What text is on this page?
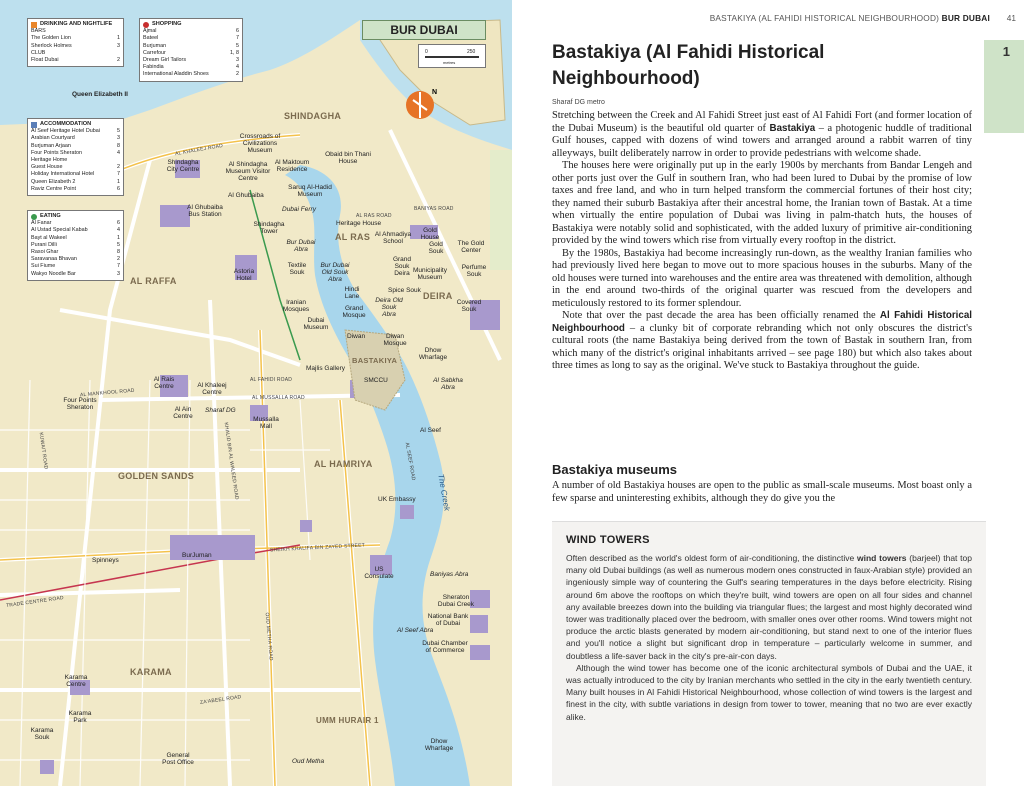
N
DRINKING AND NIGHTLIFE
BARS
The Golden Lion	1
Sherlock Holmes	3
CLUB
Float Dubai	2
SHOPPING
Ajmal	6
Bateel	7
Burjuman	5
Carrefour	1, 8
Dream Girl Tailors	3
Fabindia	4
International Aladdin Shoes	2
ACCOMMODATION
Al Seef Heritage Hotel Dubai	5
Arabian Courtyard	3
Burjuman Arjaan	8
Four Points Sheraton	4
Heritage Home
Guest House	2
Holiday International Hotel	7
Queen Elizabeth 2	1
Raviz Centre Point	6
EATING
Al Fanar	6
Al Ustad Special Kabab	4
Bayt al Wakeel	1
Purani Dilli	5
Rasoi Ghar	8
Saravanaa Bhavan	2
Sui Fiume	7
Wakyo Noodle Bar	3
BUR DUBAI
0	250
metres
SHINDAGHA
AL RAS
DEIRA
AL RAFFA
BASTAKIYA
AL HAMRIYA
GOLDEN SANDS
KARAMA
UMM HURAIR 1
Queen Elizabeth II
Crossroads of Civilizations Museum
Obaid bin Thani House
Shindagha City Centre
Al Shindagha Museum Visitor Centre
Al Maktoum Residence
Saruq Al-Hadid Museum
Al Ghubaiba
Dubai Ferry
Al Ghubaiba Bus Station
Shindagha Tower
Heritage House
Al Ahmadiya School
Gold House
Gold Souk
The Gold Center
Perfume Souk
Bur Dubai Abra
Textile Souk
Bur Dubai Old Souk Abra
Grand Souk Deira Municipality Museum
Spice Souk
Astoria Hotel
Hindi Lane
Deira Old Souk Abra
Covered Souk
Iranian Mosques	Grand Mosque
Dubai Museum
Diwan	Diwan Mosque
Dhow Wharfage
Majlis Gallery
SMCCU	Al Sabkha Abra
Al Rais Centre	Al Khaleej Centre
Four Points Sheraton	Al Ain Centre
Sharaf DG
Mussalla Mall
Al Seef
UK Embassy
BurJuman
Spinneys
US Consulate	Baniyas Abra
Sheraton Dubai Creek
National Bank of Dubai
Al Seef Abra
Dubai Chamber of Commerce
Karama Centre
Karama Park
Karama Souk
General Post Office	Oud Metha
Dhow Wharfage
AL KHALEEJ ROAD
AL FAHIDI ROAD
AL MANKHOOL ROAD	AL MUSSALLA ROAD
SHEIKH KHALIFA BIN ZAYED STREET
KHALID BIN AL WALEED ROAD	AL SEEF ROAD
KUWAIT ROAD
ZA'ABEEL ROAD
BANIYAS ROAD
AL RAS ROAD
OUD METHA ROAD
TRADE CENTRE ROAD
The Creek
BASTAKIYA (AL FAHIDI HISTORICAL NEIGHBOURHOOD) BUR DUBAI 41
1
Bastakiya (Al Fahidi Historical Neighbourhood)
Sharaf DG metro

Stretching between the Creek and Al Fahidi Street just east of Al Fahidi Fort (and former location of the Dubai Museum) is the beautiful old quarter of Bastakiya – a photogenic huddle of traditional Gulf houses, capped with dozens of wind towers and arranged around a rabbit warren of tiny alleyways, built deliberately narrow in order to provide pedestrians with welcome shade.

The houses here were originally put up in the early 1900s by merchants from Bandar Lengeh and other ports just over the Gulf in southern Iran, who had been lured to Dubai by the promise of low taxes and free land, and who in turn helped transform the commercial fortunes of their host city; they named their suburb Bastakiya after their ancestral home, the Iranian town of Bastak. At a time when virtually the entire population of Dubai was living in palm-thatch huts, the houses of Bastakiya were notably solid and sophisticated, with the added luxury of primitive air-conditioning provided by the wind towers which rise from virtually every rooftop in the district.

By the 1980s, Bastakiya had become increasingly run-down, as the wealthy Iranian families who had previously lived here began to move out to more spacious houses in the suburbs. Many of the old houses were turned into warehouses and the entire area was threatened with demolition, although in the end around two-thirds of the original quarter was rescued from the developers and meticulously restored to its former splendour.

Note that over the past decade the area has been officially renamed the Al Fahidi Historical Neighbourhood – a clunky bit of corporate rebranding which not only obscures the district's cultural roots (the name Bastakiya being derived from the town of Bastak in southern Iran, from which many of the district's original inhabitants arrived – see page 180) but which also takes about three times as long to say as the original. We've stuck to Bastakiya throughout the guide.

Bastakiya museums

A number of old Bastakiya houses are open to the public as small-scale museums. Most boast only a few sparse and uninteresting exhibits, although they do give you the

WIND TOWERS

Often described as the world's oldest form of air-conditioning, the distinctive wind towers (barjeel) that top many old Dubai buildings (as well as numerous modern ones constructed in faux-Arabian style) provided an ingeniously simple way of countering the Gulf's searing temperatures in the days before electricity. Rising around 6m above the rooftops on which they're built, wind towers are open on all four sides and channel any available breezes down into the building via triangular flues; the largest and most highly decorated wind tower was traditionally placed over the bedroom, with smaller ones over other rooms. Wind towers might not produce the arctic blasts generated by modern air-conditioning, but stand next to one of the interior flues and you'll notice a slight but significant drop in temperature – particularly welcome in summer, and doubtless a life-saver back in the city's pre-air-con days.

Although the wind tower has become one of the iconic architectural symbols of Dubai and the UAE, it was actually introduced to the city by Iranian merchants who settled in the city in the early twentieth century. Many built houses in Al Fahidi Historical Neighbourhood, whose collection of wind towers is the largest and finest in the city, with subtle variations in design from tower to tower, meaning that no two are ever exactly alike.
